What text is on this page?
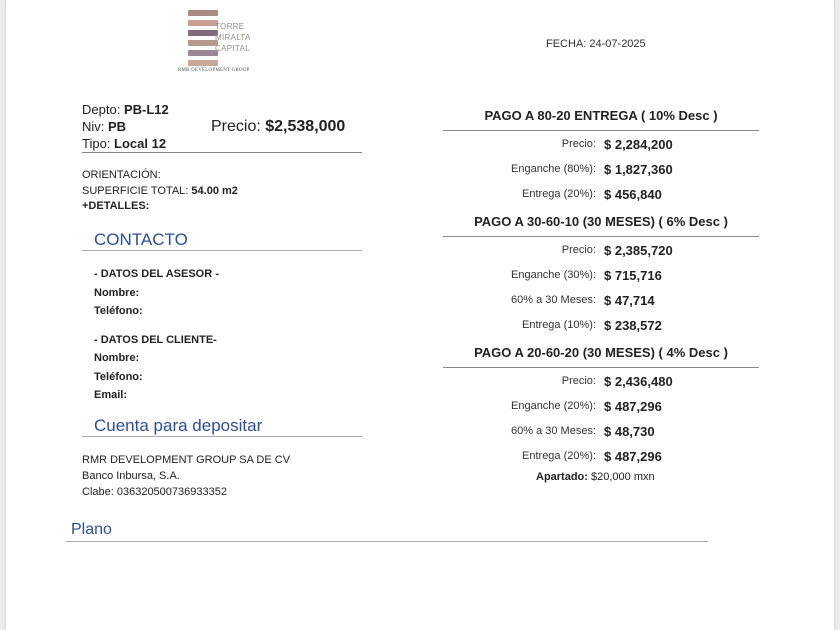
TORRE
MIRALTA
CAPITAL
RMR DEVELOPMENT GROUP
FECHA: 24-07-2025
Depto: PB-L12
Niv: PB
Tipo: Local 12
Precio: $2,538,000
ORIENTACIÓN:
SUPERFICIE TOTAL: 54.00 m2
+DETALLES:
CONTACTO
- DATOS DEL ASESOR -
Nombre:
Teléfono:
- DATOS DEL CLIENTE-
Nombre:
Teléfono:
Email:
Cuenta para depositar
RMR DEVELOPMENT GROUP SA DE CV
Banco Inbursa, S.A.
Clabe: 036320500736933352
Plano
PAGO A 80-20 ENTREGA ( 10% Desc )
Precio: $ 2,284,200
Enganche (80%): $ 1,827,360
Entrega (20%): $ 456,840
PAGO A 30-60-10 (30 MESES) ( 6% Desc )
Precio: $ 2,385,720
Enganche (30%): $ 715,716
60% a 30 Meses: $ 47,714
Entrega (10%): $ 238,572
PAGO A 20-60-20 (30 MESES) ( 4% Desc )
Precio: $ 2,436,480
Enganche (20%): $ 487,296
60% a 30 Meses: $ 48,730
Entrega (20%): $ 487,296
Apartado: $20,000 mxn
